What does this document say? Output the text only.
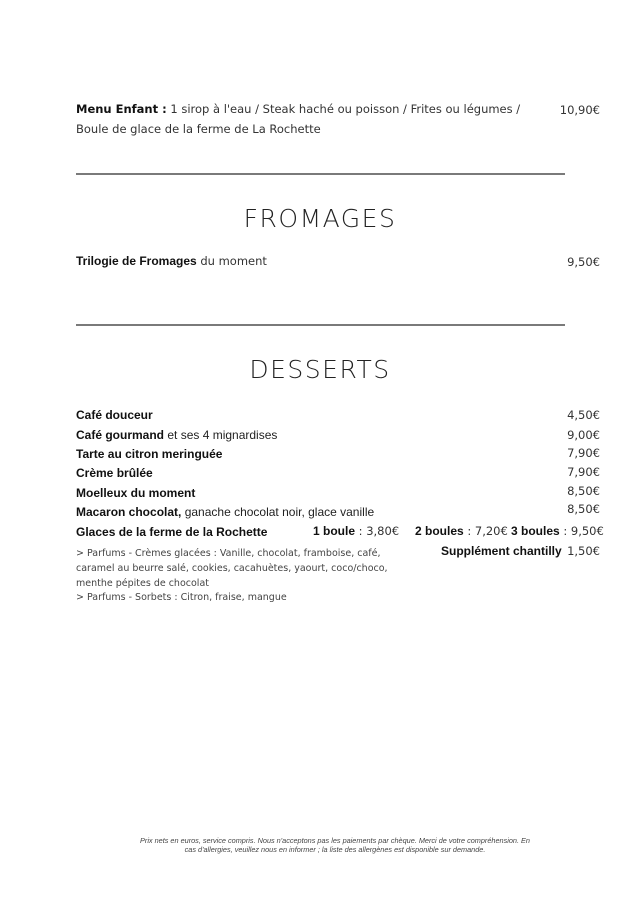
Menu Enfant : 1 sirop à l'eau / Steak haché ou poisson / Frites ou légumes /
Boule de glace de la ferme de La Rochette
10,90€
FROMAGES
Trilogie de Fromages du moment	9,50€
DESSERTS
Café douceur	4,50€
Café gourmand et ses 4 mignardises	9,00€
Tarte au citron meringuée	7,90€
Crème brûlée	7,90€
Moelleux du moment	8,50€
Macaron chocolat, ganache chocolat noir, glace vanille	8,50€
Glaces de la ferme de la Rochette	1 boule : 3,80€ 2 boules : 7,20€ 3 boules : 9,50€
Supplément chantilly 1,50€
> Parfums - Crèmes glacées : Vanille, chocolat, framboise, café,
caramel au beurre salé, cookies, cacahuètes, yaourt, coco/choco,
menthe pépites de chocolat
> Parfums - Sorbets : Citron, fraise, mangue
Prix nets en euros, service compris. Nous n'acceptons pas les paiements par chèque. Merci de votre compréhension. En
cas d'allergies, veuillez nous en informer ; la liste des allergènes est disponible sur demande.
